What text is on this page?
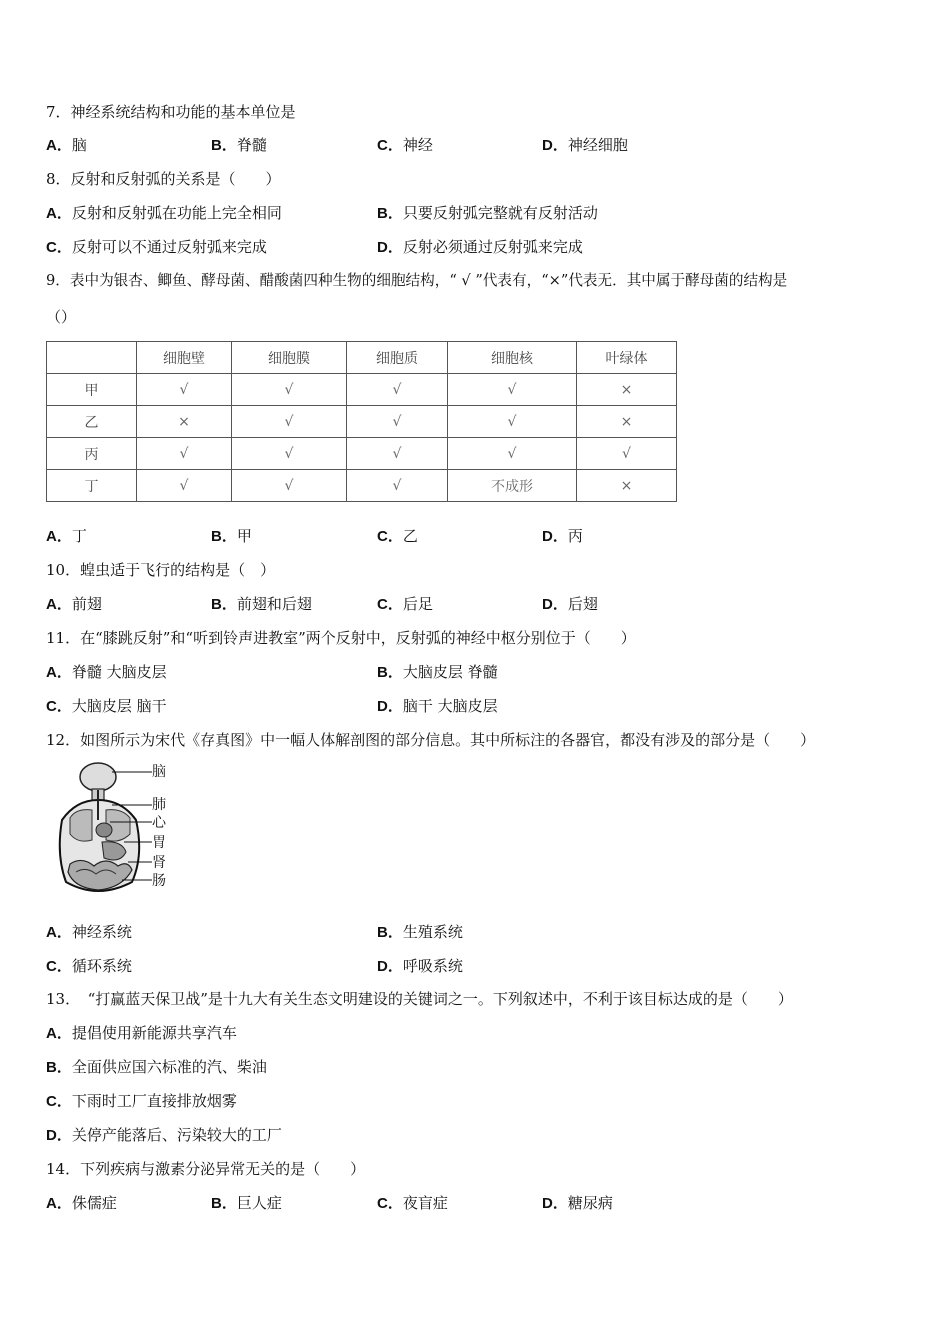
7．神经系统结构和功能的基本单位是
A．脑	B．脊髓	C．神经	D．神经细胞
8．反射和反射弧的关系是（　　）
A．反射和反射弧在功能上完全相同	B．只要反射弧完整就有反射活动
C．反射可以不通过反射弧来完成	D．反射必须通过反射弧来完成
9．表中为银杏、鲫鱼、酵母菌、醋酸菌四种生物的细胞结构，“ √ ”代表有，“×”代表无．其中属于酵母菌的结构是
（）
	细胞壁	细胞膜	细胞质	细胞核	叶绿体
甲	√	√	√	√	×
乙	×	√	√	√	×
丙	√	√	√	√	√
丁	√	√	√	不成形	×
A．丁	B．甲	C．乙	D．丙
10．蝗虫适于飞行的结构是（　）
A．前翅	B．前翅和后翅	C．后足	D．后翅
11．在“膝跳反射”和“听到铃声进教室”两个反射中，反射弧的神经中枢分别位于（　　）
A．脊髓 大脑皮层	B．大脑皮层 脊髓
C．大脑皮层 脑干	D．脑干 大脑皮层
12．如图所示为宋代《存真图》中一幅人体解剖图的部分信息。其中所标注的各器官，都没有涉及的部分是（　　）
脑
肺
心
胃
肾
肠
A．神经系统	B．生殖系统
C．循环系统	D．呼吸系统
13．　“打赢蓝天保卫战”是十九大有关生态文明建设的关键词之一。下列叙述中，不利于该目标达成的是（　　）
A．提倡使用新能源共享汽车
B．全面供应国六标准的汽、柴油
C．下雨时工厂直接排放烟雾
D．关停产能落后、污染较大的工厂
14．下列疾病与激素分泌异常无关的是（　　）
A．侏儒症	B．巨人症	C．夜盲症	D．糖尿病
